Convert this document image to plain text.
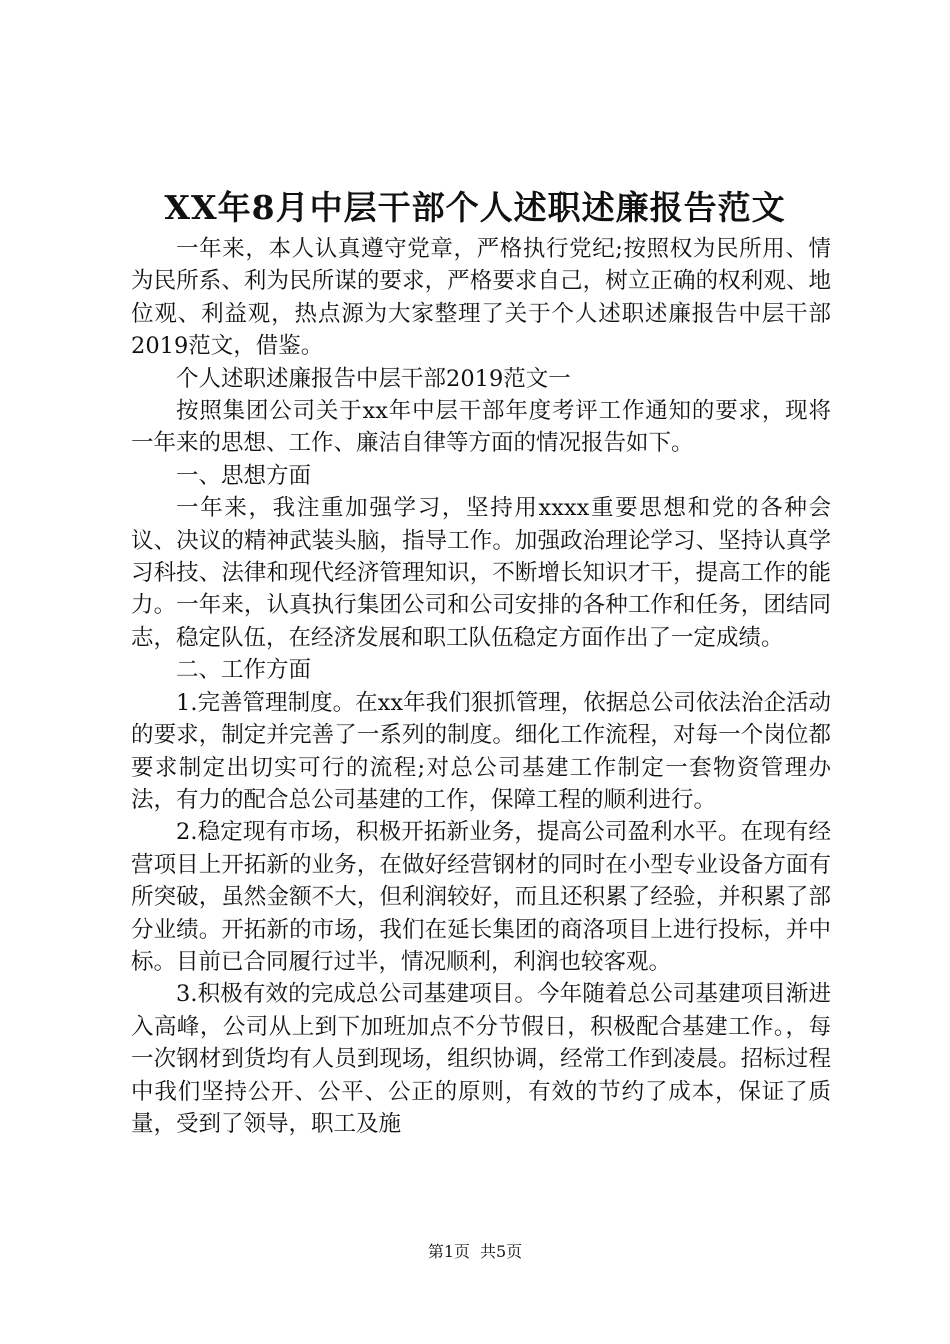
XX年8月中层干部个人述职述廉报告范文

一年来，本人认真遵守党章，严格执行党纪;按照权为民所用、情为民所系、利为民所谋的要求，严格要求自己，树立正确的权利观、地位观、利益观，热点源为大家整理了关于个人述职述廉报告中层干部2019范文，借鉴。

个人述职述廉报告中层干部2019范文一

按照集团公司关于xx年中层干部年度考评工作通知的要求，现将一年来的思想、工作、廉洁自律等方面的情况报告如下。

一、思想方面

一年来，我注重加强学习，坚持用xxxx重要思想和党的各种会议、决议的精神武装头脑，指导工作。加强政治理论学习、坚持认真学习科技、法律和现代经济管理知识，不断增长知识才干，提高工作的能力。一年来，认真执行集团公司和公司安排的各种工作和任务，团结同志，稳定队伍，在经济发展和职工队伍稳定方面作出了一定成绩。

二、工作方面

1.完善管理制度。在xx年我们狠抓管理，依据总公司依法治企活动的要求，制定并完善了一系列的制度。细化工作流程，对每一个岗位都要求制定出切实可行的流程;对总公司基建工作制定一套物资管理办法，有力的配合总公司基建的工作，保障工程的顺利进行。

2.稳定现有市场，积极开拓新业务，提高公司盈利水平。在现有经营项目上开拓新的业务，在做好经营钢材的同时在小型专业设备方面有所突破，虽然金额不大，但利润较好，而且还积累了经验，并积累了部分业绩。开拓新的市场，我们在延长集团的商洛项目上进行投标，并中标。目前已合同履行过半，情况顺利，利润也较客观。

3.积极有效的完成总公司基建项目。今年随着总公司基建项目渐进入高峰，公司从上到下加班加点不分节假日，积极配合基建工作。，每一次钢材到货均有人员到现场，组织协调，经常工作到凌晨。招标过程中我们坚持公开、公平、公正的原则，有效的节约了成本，保证了质量，受到了领导，职工及施

第1页 共5页
